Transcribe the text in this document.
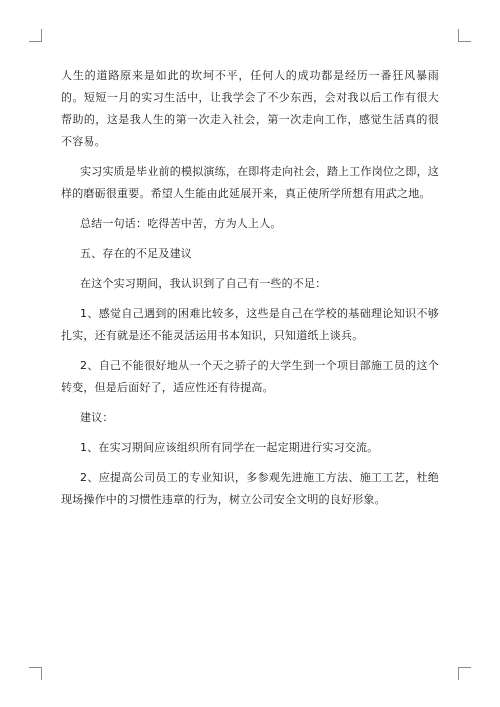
人生的道路原来是如此的坎坷不平，任何人的成功都是经历一番狂风暴雨的。短短一月的实习生活中，让我学会了不少东西，会对我以后工作有很大帮助的，这是我人生的第一次走入社会，第一次走向工作，感觉生活真的很不容易。

实习实质是毕业前的模拟演练，在即将走向社会，踏上工作岗位之即，这样的磨砺很重要。希望人生能由此延展开来，真正使所学所想有用武之地。

总结一句话：吃得苦中苦，方为人上人。

五、存在的不足及建议

在这个实习期间，我认识到了自己有一些的不足：

1、感觉自己遇到的困难比较多，这些是自己在学校的基础理论知识不够扎实，还有就是还不能灵活运用书本知识，只知道纸上谈兵。

2、自己不能很好地从一个天之骄子的大学生到一个项目部施工员的这个转变，但是后面好了，适应性还有待提高。

建议：

1、在实习期间应该组织所有同学在一起定期进行实习交流。

2、应提高公司员工的专业知识，多参观先进施工方法、施工工艺，杜绝现场操作中的习惯性违章的行为，树立公司安全文明的良好形象。
